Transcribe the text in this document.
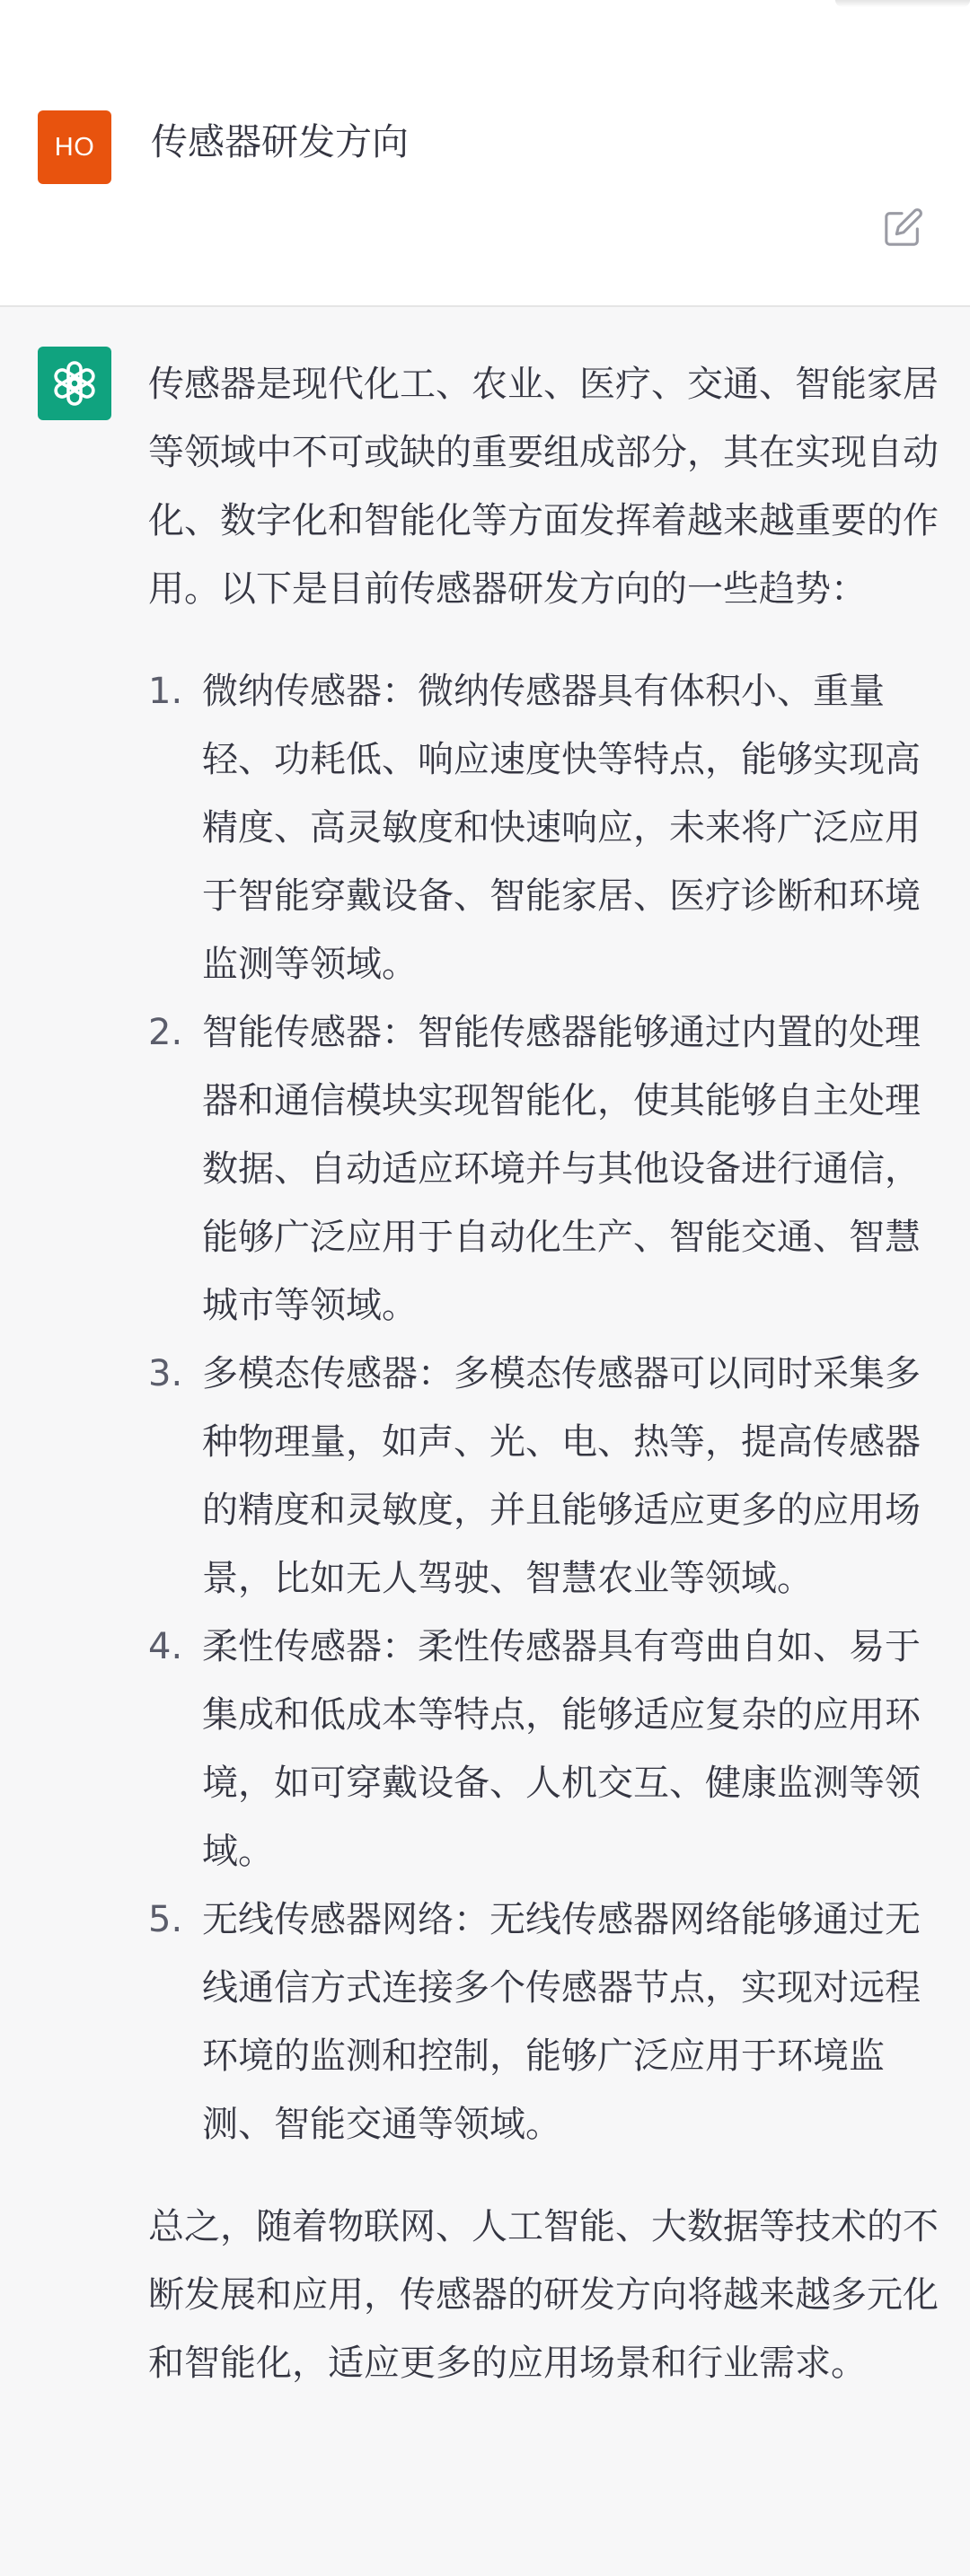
HO	传感器研发方向

传感器是现代化工、农业、医疗、交通、智能家居等领域中不可或缺的重要组成部分，其在实现自动化、数字化和智能化等方面发挥着越来越重要的作用。以下是目前传感器研发方向的一些趋势：

1. 微纳传感器：微纳传感器具有体积小、重量轻、功耗低、响应速度快等特点，能够实现高精度、高灵敏度和快速响应，未来将广泛应用于智能穿戴设备、智能家居、医疗诊断和环境监测等领域。
2. 智能传感器：智能传感器能够通过内置的处理器和通信模块实现智能化，使其能够自主处理数据、自动适应环境并与其他设备进行通信，能够广泛应用于自动化生产、智能交通、智慧城市等领域。
3. 多模态传感器：多模态传感器可以同时采集多种物理量，如声、光、电、热等，提高传感器的精度和灵敏度，并且能够适应更多的应用场景，比如无人驾驶、智慧农业等领域。
4. 柔性传感器：柔性传感器具有弯曲自如、易于集成和低成本等特点，能够适应复杂的应用环境，如可穿戴设备、人机交互、健康监测等领域。
5. 无线传感器网络：无线传感器网络能够通过无线通信方式连接多个传感器节点，实现对远程环境的监测和控制，能够广泛应用于环境监测、智能交通等领域。

总之，随着物联网、人工智能、大数据等技术的不断发展和应用，传感器的研发方向将越来越多元化和智能化，适应更多的应用场景和行业需求。
